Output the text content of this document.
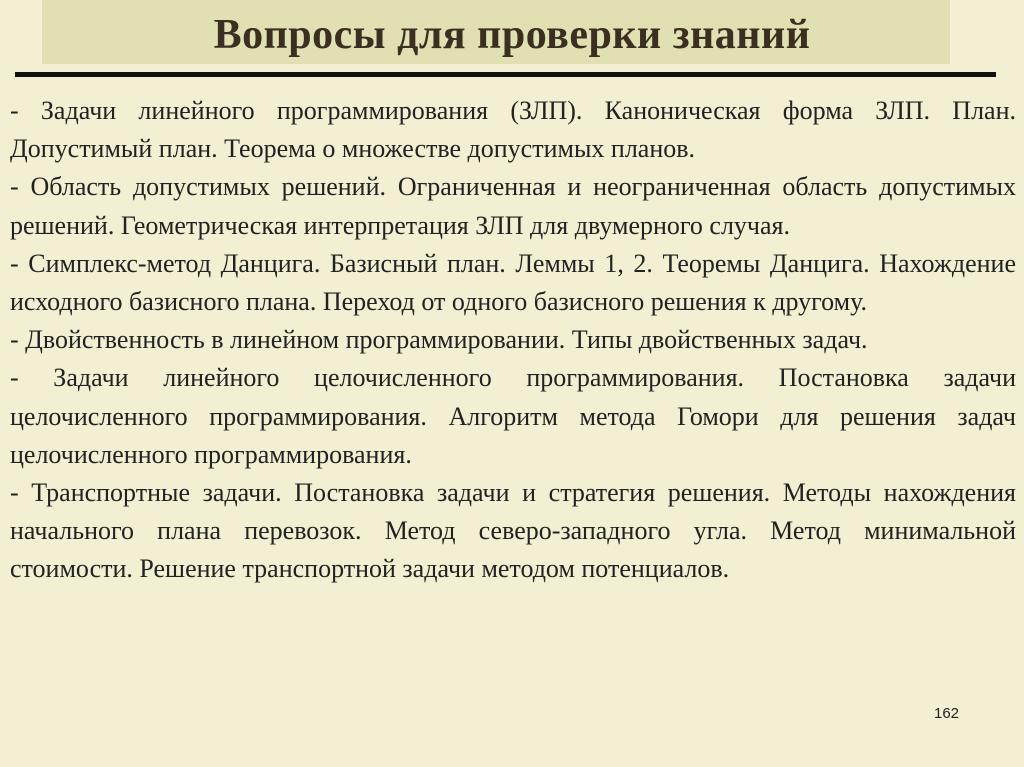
Вопросы для проверки знаний

- Задачи линейного программирования (ЗЛП). Каноническая форма ЗЛП. План. Допустимый план. Теорема о множестве допустимых планов.

- Область допустимых решений. Ограниченная и неограниченная область допустимых решений. Геометрическая интерпретация ЗЛП для двумерного случая.

- Симплекс-метод Данцига. Базисный план. Леммы 1, 2. Теоремы Данцига. Нахождение исходного базисного плана. Переход от одного базисного решения к другому.

- Двойственность в линейном программировании. Типы двойственных задач.

- Задачи линейного целочисленного программирования. Постановка задачи целочисленного программирования. Алгоритм метода Гомори для решения задач целочисленного программирования.

- Транспортные задачи. Постановка задачи и стратегия решения. Методы нахождения начального плана перевозок. Метод северо-западного угла. Метод минимальной стоимости. Решение транспортной задачи методом потенциалов.

162
